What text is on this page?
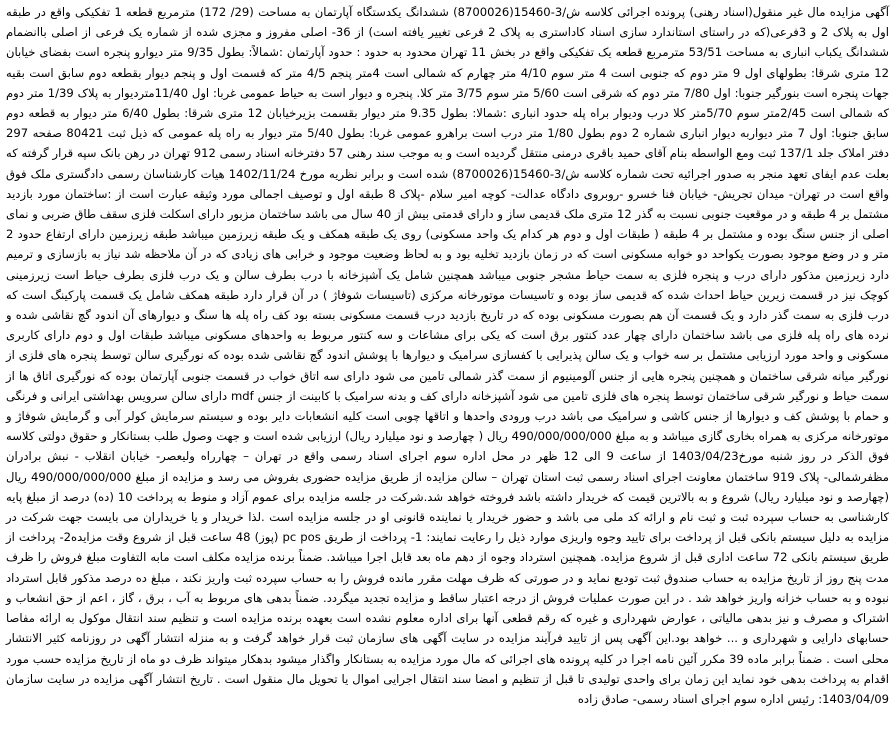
آگهی مزایده مال غیر منقول(اسناد رهنی) پرونده اجرائی کلاسه ش/3-15460(8700026) ششدانگ یکدستگاه آپارتمان به مساحت (29/ 172) مترمربع قطعه 1 تفکیکی واقع در طبقه اول به پلاک 2 و 3فرعی(که در راستای استاندارد سازی اسناد کاداستری به پلاک 2 فرعی تغییر یافته است) از 36- اصلی مفروز و مجزی شده از شماره یک فرعی از اصلی باانضمام ششدانگ یکباب انباری به مساحت 53/51 مترمربع قطعه یک تفکیکی واقع در بخش 11 تهران محدود به حدود : حدود آپارتمان :شمالاً: بطول 9/35 متر دیوارو پنجره است بفضای خیابان 12 متری شرقا: بطولهای اول 9 متر دوم که جنوبی است 4 متر سوم 4/10 متر چهارم که شمالی است 4متر پنجم 4/5 متر که قسمت اول و پنجم دیوار بقطعه دوم سابق است بقیه جهات پنجره است بنورگیر جنوبا: اول 7/80 متر دوم که شرقی است 5/60 متر سوم 3/75 متر کلا. پنجره و دیوار است به حیاط عمومی غربا: اول 11/40متردیوار به پلاک 1/39 متر دوم که شمالی است 2/45متر سوم 5/70متر کلا درب وديوار براه پله حدود انباری :شمالا: بطول 9.35 متر دیوار بقسمت بزیرخیابان 12 متری شرقا: بطول 6/40 متر دیوار به قطعه دوم سابق جنوبا: اول 7 متر دیواربه دیوار انباری شماره 2 دوم بطول 1/80 متر درب است براهرو عمومی غربا: بطول 5/40 متر دیوار به راه پله عمومی که ذیل ثبت 80421 صفحه 297 دفتر املاک جلد 137/1 ثبت ومع الواسطه بنام آقای حمید باقری درمنی منتقل گردیده است و به موجب سند رهنی 57 دفترخانه اسناد رسمی 912 تهران در رهن بانک سپه قرار گرفته که بعلت عدم ایفای تعهد منجر به صدور اجرائیه تحت شماره کلاسه ش/3-15460(8700026) شده است و برابر نظریه مورخ 1402/11/24 هیات کارشناسان رسمی دادگستری ملک فوق واقع است در تهران- میدان تجریش- خیابان فنا خسرو -روبروی دادگاه عدالت- کوچه امیر سلام -پلاک 8 طبقه اول و توصیف اجمالی مورد وثیقه عبارت است از :ساختمان مورد بازدید مشتمل بر 4 طبقه و در موقعیت جنوبی نسبت به گذر 12 متری ملک قدیمی ساز و دارای قدمتی بیش از 40 سال می باشد ساختمان مزبور دارای اسکلت فلزی سقف طاق ضربی و نمای اصلی از جنس سنگ بوده و مشتمل بر 4 طبقه ( طبقات اول و دوم هر کدام یک واحد مسکونی) روی یک طبقه همکف و یک طبقه زیرزمین میباشد طبقه زیرزمین دارای ارتفاع حدود 2 متر و در وضع موجود بصورت یکواحد دو خوابه مسکونی است که در زمان بازدید تخلیه بود و به لحاظ وضعیت موجود و خرابی های زیادی که در آن ملاحظه شد نیاز به بازسازی و ترمیم دارد زیرزمین مذکور دارای درب و پنجره فلزی به سمت حیاط مشجر جنوبی میباشد همچنین شامل یک آشپزخانه با درب بطرف سالن و یک درب فلزی بطرف حیاط است زیرزمینی کوچک نیز در قسمت زیرین حیاط احداث شده که قدیمی ساز بوده و تاسیسات موتورخانه مرکزی (تاسیسات شوفاژ ) در آن قرار دارد طبقه همکف شامل یک قسمت پارکینگ است که درب فلزی به سمت گذر دارد و یک قسمت آن هم بصورت مسکونی بوده که در تاریخ بازدید درب قسمت مسکونی بسته بود کف راه پله ها سنگ و دیوارهای آن اندود گچ نقاشی شده و نرده های راه پله فلزی می باشد ساختمان دارای چهار عدد کنتور برق است که یکی برای مشاعات و سه کنتور مربوط به واحدهای مسکونی میباشد طبقات اول و دوم دارای کاربری مسکونی و واحد مورد ارزیابی مشتمل بر سه خواب و یک سالن پذیرایی با کفسازی سرامیک و دیوارها با پوشش اندود گچ نقاشی شده بوده که نورگیری سالن توسط پنجره های فلزی از نورگیر میانه شرقی ساختمان و همچنین پنجره هایی از جنس آلومینیوم از سمت گذر شمالی تامین می شود دارای سه اتاق خواب در قسمت جنوبی آپارتمان بوده که نورگیری اتاق ها از سمت حیاط و نورگیر شرقی ساختمان توسط پنجره های فلزی تامین می شود آشپزخانه دارای کف و بدنه سرامیک با کابینت از جنس mdf دارای سالن سرویس بهداشتی ایرانی و فرنگی و حمام با پوشش کف و دیوارها از جنس کاشی و سرامیک می باشد درب ورودی واحدها و اتاقها چوبی است کلیه انشعابات دایر بوده و سیستم سرمایش کولر آبی و گرمایش شوفاژ و موتورخانه مرکزی به همراه بخاری گازی میباشد و به مبلغ 490/000/000/000 ریال ( چهارصد و نود میلیارد ریال) ارزیابی شده است و جهت وصول طلب بستانکار و حقوق دولتی کلاسه فوق الذکر در روز شنبه مورخ1403/04/23 از ساعت 9 الی 12 ظهر در محل اداره سوم اجرای اسناد رسمی واقع در تهران – چهارراه ولیعصر- خیابان انقلاب - نبش برادران مظفرشمالی- پلاک 919 ساختمان معاونت اجرای اسناد رسمی ثبت استان تهران – سالن مزایده از طریق مزایده حضوری بفروش می رسد و مزایده از مبلغ 490/000/000/000 ریال (چهارصد و نود میلیارد ریال) شروع و به بالاترین قیمت که خریدار داشته باشد فروخته خواهد شد.شرکت در جلسه مزایده برای عموم آزاد و منوط به پرداخت 10 (ده) درصد از مبلغ پایه کارشناسی به حساب سپرده ثبت و ثبت نام و ارائه کد ملی می باشد و حضور خریدار یا نماینده قانونی او در جلسه مزایده است .لذا خریدار و یا خریداران می بایست جهت شرکت در مزایده به دلیل سیستم بانکی قبل از پرداخت برای تایید وجوه واریزی موارد ذیل را رعایت نمایند: 1- پرداخت از طریق pc pos (پوز) 48 ساعت قبل از شروع وقت مزایده2- پرداخت از طریق سیستم بانکی 72 ساعت اداری قبل از شروع مزایده. همچنین استرداد وجوه از دهم ماه بعد قابل اجرا میباشد. ضمناً برنده مزایده مکلف است مابه التفاوت مبلغ فروش را ظرف مدت پنج روز از تاریخ مزایده به حساب صندوق ثبت تودیع نماید و در صورتی که ظرف مهلت مقرر مانده فروش را به حساب سپرده ثبت واریز نکند ، مبلغ ده درصد مذکور قابل استرداد نبوده و به حساب خزانه واریز خواهد شد . در این صورت عملیات فروش از درجه اعتبار ساقط و مزایده تجدید میگردد. ضمناً بدهی های مربوط به آب ، برق ، گاز ، اعم از حق انشعاب و اشتراک و مصرف و نیز بدهی مالیاتی ، عوارض شهرداری و غیره که رقم قطعی آنها برای اداره معلوم نشده است بعهده برنده مزایده است و تنظیم سند انتقال موکول به ارائه مفاصا حسابهای دارایی و شهرداری و ... خواهد بود.این آگهی پس از تایید فرآیند مزایده در سایت آگهی های سازمان ثبت قرار خواهد گرفت و به منزله انتشار آگهی در روزنامه کثیر الانتشار محلی است . ضمناً برابر ماده 39 مکرر آئین نامه اجرا در کلیه پرونده های اجرائی که مال مورد مزایده به بستانکار واگذار میشود بدهکار میتواند ظرف دو ماه از تاریخ مزایده حسب مورد اقدام به پرداخت بدهی خود نماید این زمان برای واحدی تولیدی تا قبل از تنظیم و امضا سند انتقال اجرایی اموال یا تحویل مال منقول است . تاریخ انتشار آگهی مزایده در سایت سازمان 1403/04/09: رئیس اداره سوم اجرای اسناد رسمی- صادق زاده
